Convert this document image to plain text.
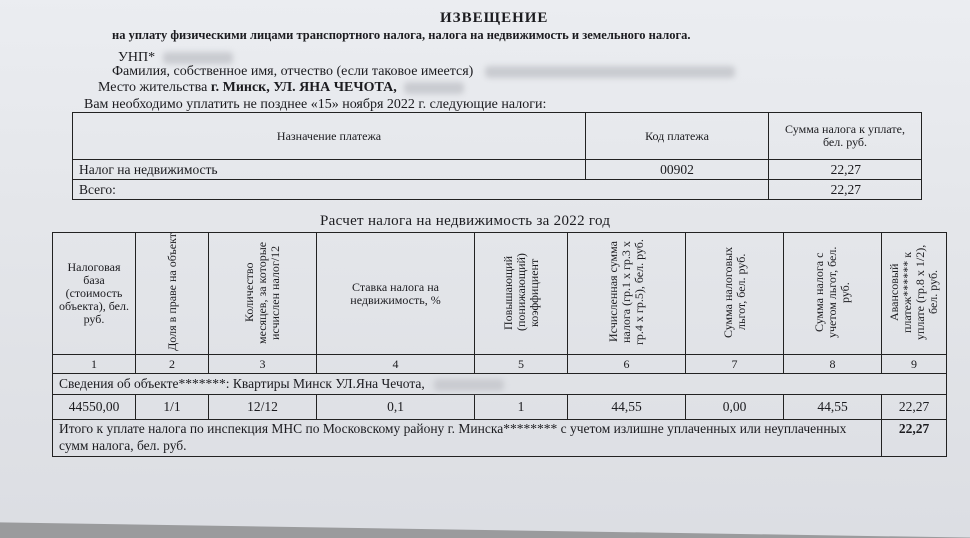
ИЗВЕЩЕНИЕ
на уплату физическими лицами транспортного налога, налога на недвижимость и земельного налога.
УНП*
Фамилия, собственное имя, отчество (если таковое имеется)
Место жительства г. Минск, УЛ. ЯНА ЧЕЧОТА,
Вам необходимо уплатить не позднее «15» ноября 2022 г. следующие налоги:
Назначение платежа	Код платежа	Сумма налога к уплате, бел. руб.
Налог на недвижимость	00902	22,27
Всего:		22,27
Расчет налога на недвижимость за 2022 год
Налоговая база (стоимость объекта), бел. руб.	Доля в праве на объект	Количество месяцев, за которые исчислен налог/12	Ставка налога на недвижимость, %	Повышающий (понижающий) коэффициент	Исчисленная сумма налога (гр.1 х гр.3 х гр.4 х гр.5), бел. руб.	Сумма налоговых льгот, бел. руб.	Сумма налога с учетом льгот, бел. руб.	Авансовый платеж****** к уплате (гр.8 х 1/2), бел. руб.
1	2	3	4	5	6	7	8	9
Сведения об объекте*******: Квартиры Минск УЛ.Яна Чечота,								
44550,00	1/1	12/12	0,1	1	44,55	0,00	44,55	22,27
Итого к уплате налога по инспекция МНС по Московскому району г. Минска******** с учетом излишне уплаченных или неуплаченных сумм налога, бел. руб.								22,27
